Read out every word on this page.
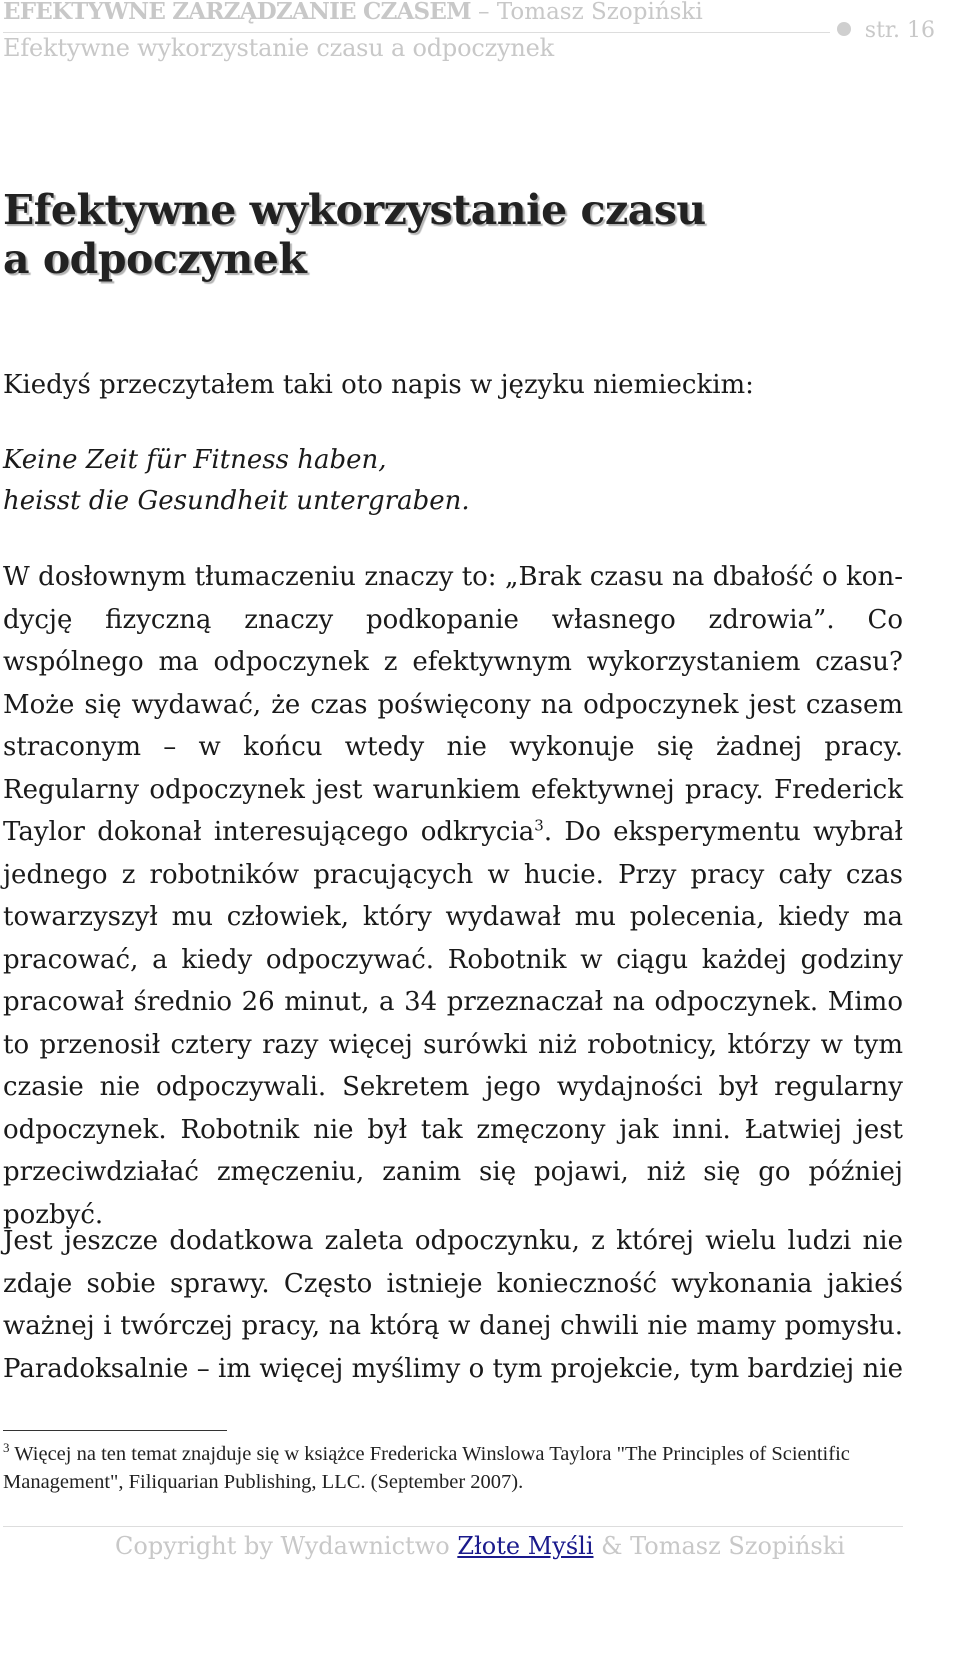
EFEKTYWNE ZARZĄDZANIE CZASEM – Tomasz Szopiński
Efektywne wykorzystanie czasu a odpoczynek
str. 16
Efektywne wykorzystanie czasu
a odpoczynek
Kiedyś przeczytałem taki oto napis w języku niemieckim:
Keine Zeit für Fitness haben,
heisst die Gesundheit untergraben.

W dosłownym tłumaczeniu znaczy to: „Brak czasu na dbałość o kondycję fizyczną znaczy podkopanie własnego zdrowia”. Co wspólnego ma odpoczynek z efektywnym wykorzystaniem czasu? Może się wydawać, że czas poświęcony na odpoczynek jest czasem straconym – w końcu wtedy nie wykonuje się żadnej pracy. Regularny odpoczynek jest warunkiem efektywnej pracy. Frederick Taylor dokonał interesującego odkrycia$^3$. Do eksperymentu wybrał jednego z robotników pracujących w hucie. Przy pracy cały czas towarzyszył mu człowiek, który wydawał mu polecenia, kiedy ma pracować, a kiedy odpoczywać. Robotnik w ciągu każdej godziny pracował średnio 26 minut, a 34 przeznaczał na odpoczynek. Mimo to przenosił cztery razy więcej surówki niż robotnicy, którzy w tym czasie nie odpoczywali. Sekretem jego wydajności był regularny odpoczynek. Robotnik nie był tak zmęczony jak inni. Łatwiej jest przeciwdziałać zmęczeniu, zanim się pojawi, niż się go później pozbyć.

Jest jeszcze dodatkowa zaleta odpoczynku, z której wielu ludzi nie
zdaje sobie sprawy. Często istnieje konieczność wykonania jakieś
ważnej i twórczej pracy, na którą w danej chwili nie mamy pomysłu.
Paradoksalnie – im więcej myślimy o tym projekcie, tym bardziej nie

$^3$ Więcej na ten temat znajduje się w książce Fredericka Winslowa Taylora "The Principles of Scientific Management", Filiquarian Publishing, LLC. (September 2007).
Copyright by Wydawnictwo Złote Myśli & Tomasz Szopiński
